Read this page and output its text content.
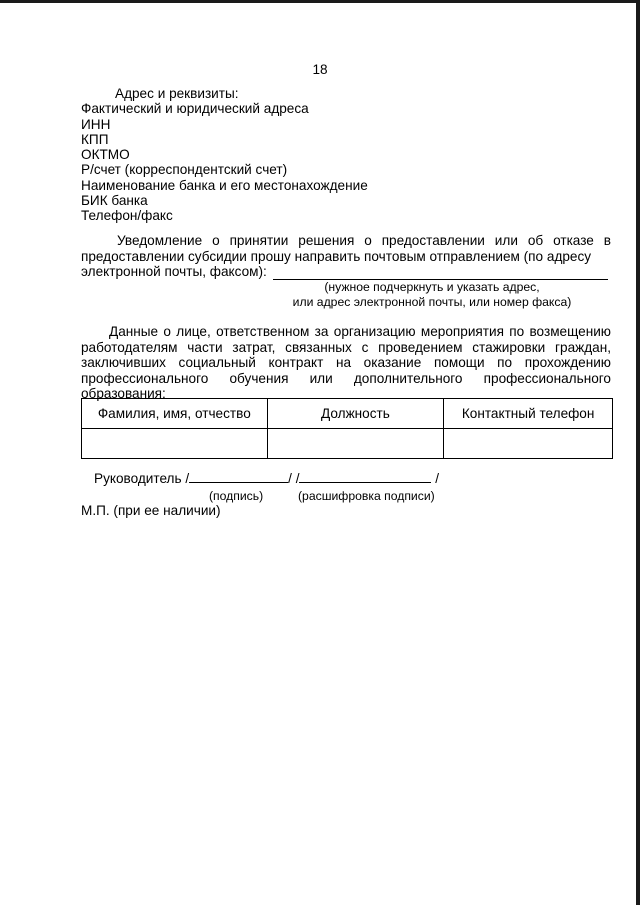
18
Адрес и реквизиты:
Фактический и юридический адреса
ИНН
КПП
ОКТМО
Р/счет (корреспондентский счет)
Наименование банка и его местонахождение
БИК банка
Телефон/факс

Уведомление о принятии решения о предоставлении или об отказе в предоставлении субсидии прошу направить почтовым отправлением (по адресу

электронной почты, факсом):
(нужное подчеркнуть и указать адрес,
или адрес электронной почты, или номер факса)

Данные о лице, ответственном за организацию мероприятия по возмещению работодателям части затрат, связанных с проведением стажировки граждан, заключивших социальный контракт на оказание помощи по прохождению профессионального обучения или дополнительного профессионального образования:

Фамилия, имя, отчество	Должность	Контактный телефон

Руководитель /	/ /	/
(подпись)	(расшифровка подписи)
М.П. (при ее наличии)
